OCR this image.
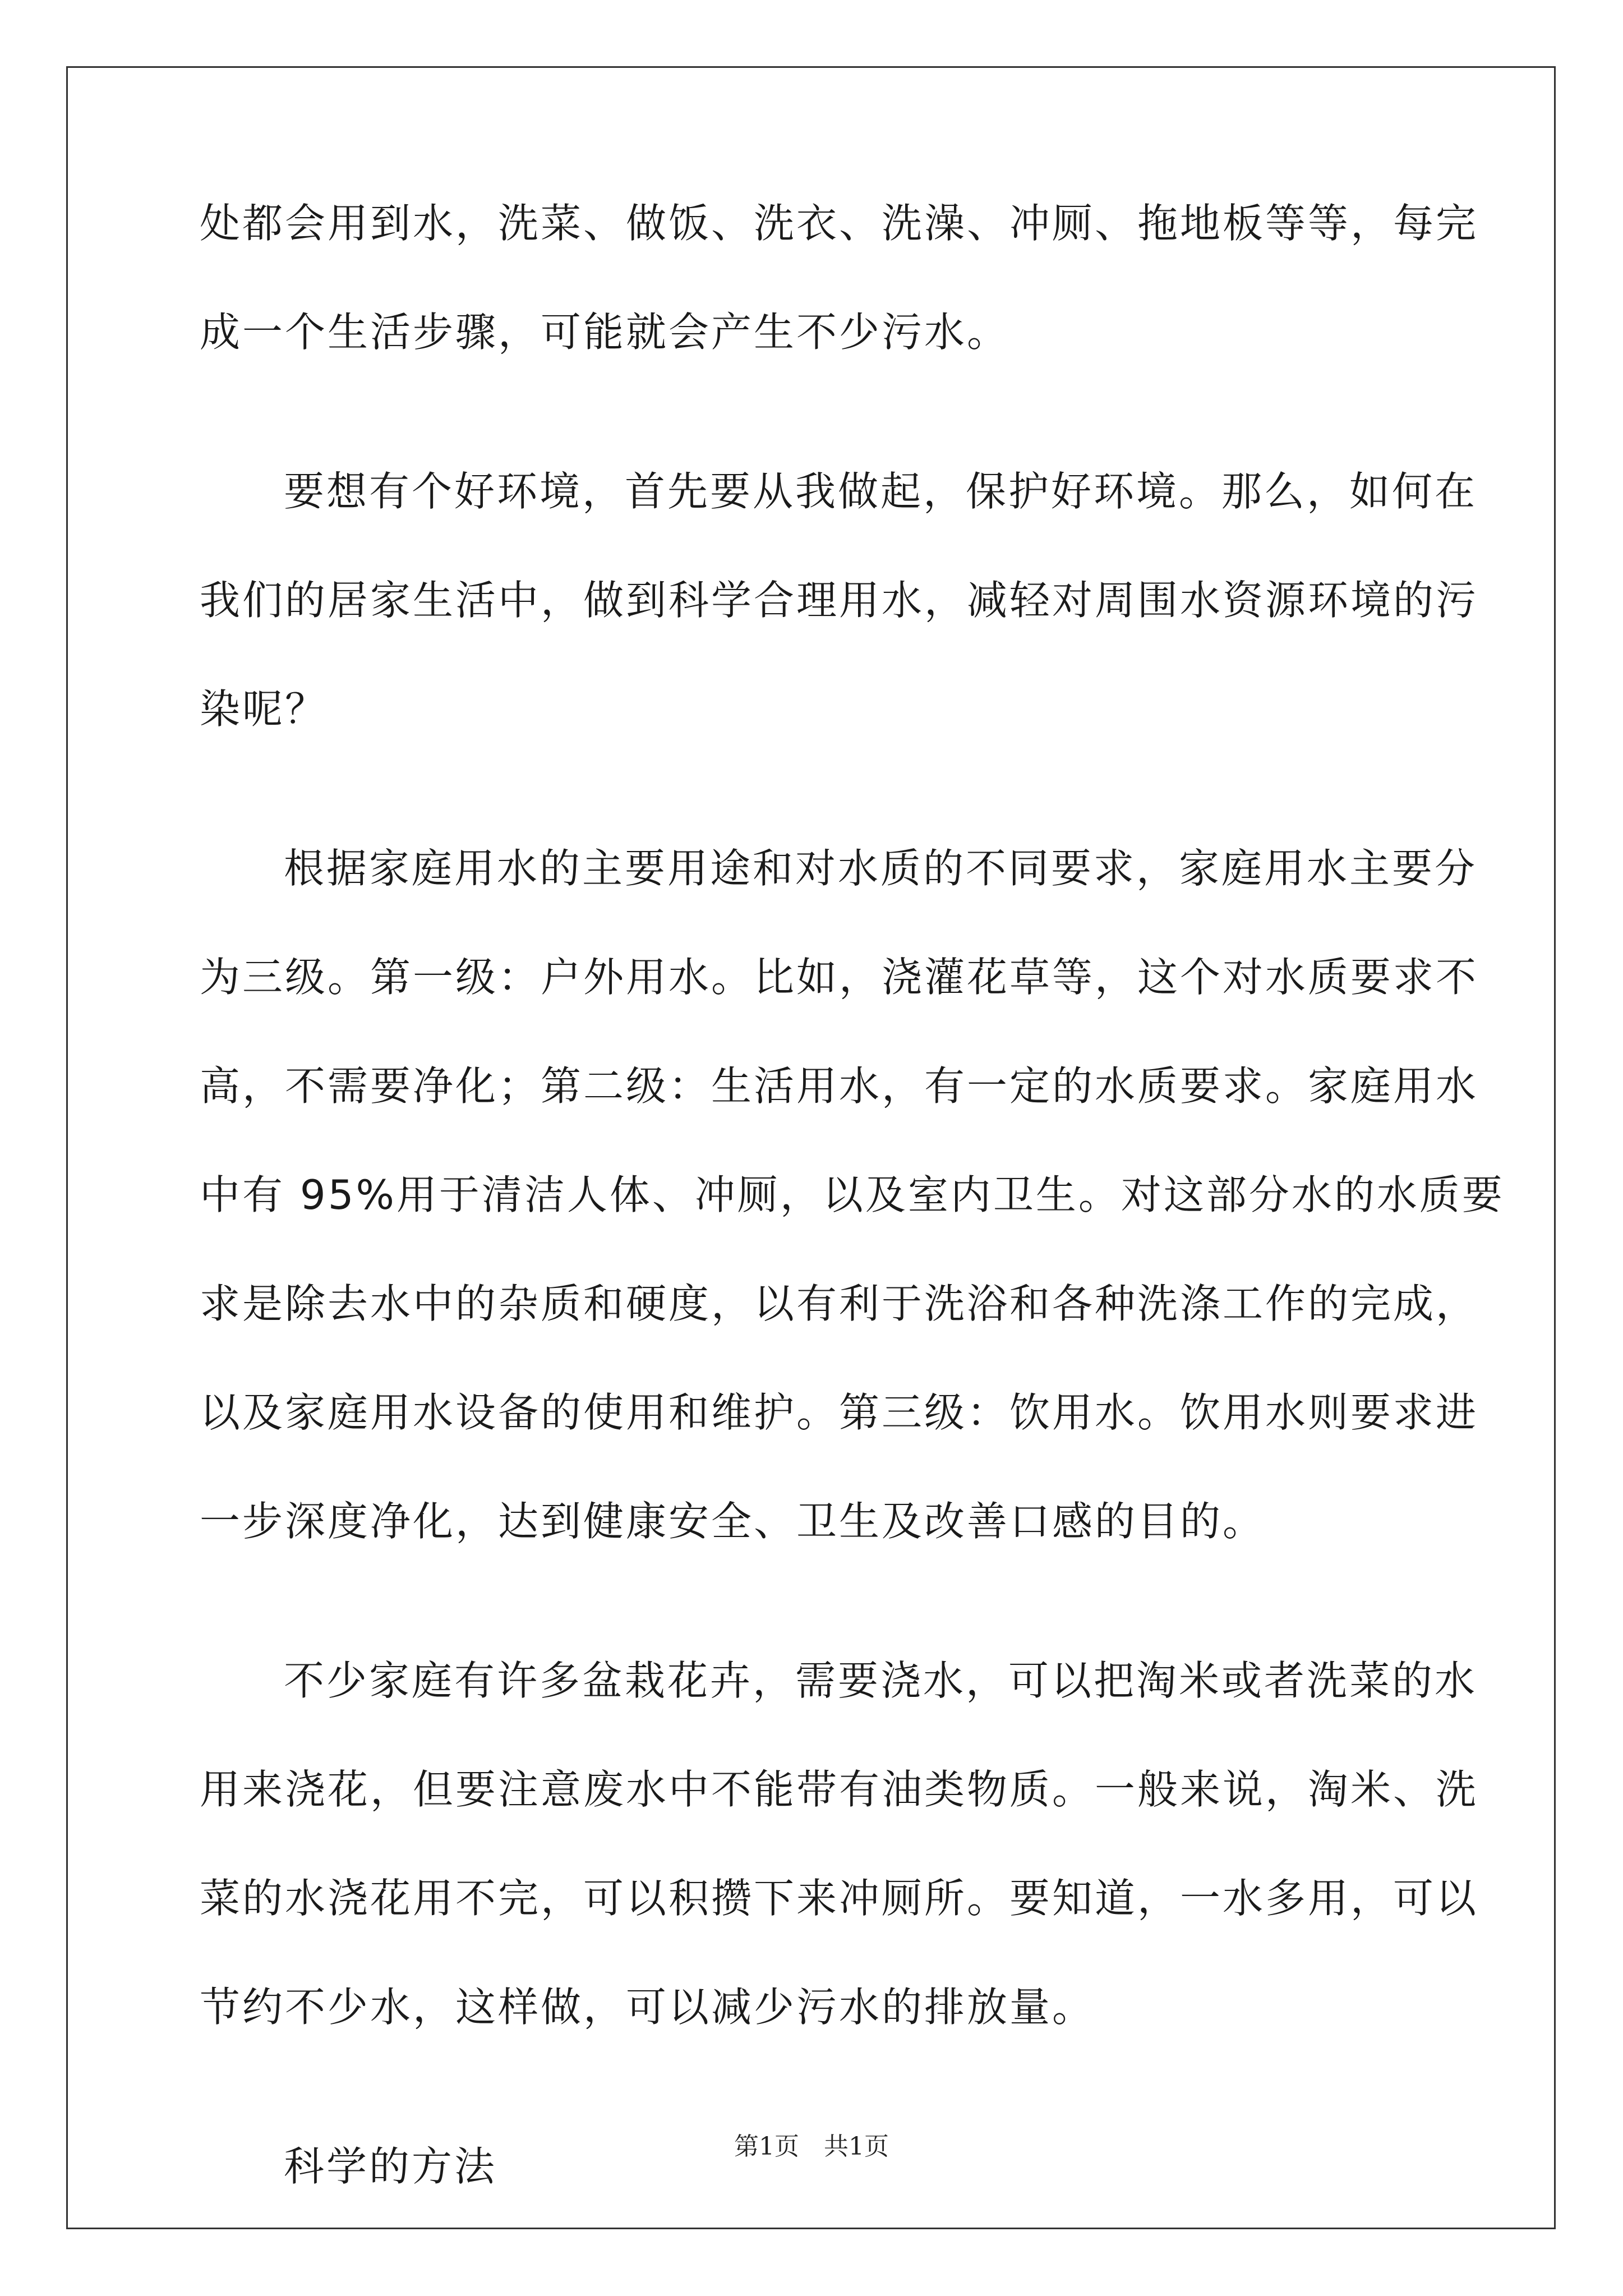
处都会用到水，洗菜、做饭、洗衣、洗澡、冲厕、拖地板等等，每完
成一个生活步骤，可能就会产生不少污水。
要想有个好环境，首先要从我做起，保护好环境。那么，如何在
我们的居家生活中，做到科学合理用水，减轻对周围水资源环境的污
染呢？
根据家庭用水的主要用途和对水质的不同要求，家庭用水主要分
为三级。第一级：户外用水。比如，浇灌花草等，这个对水质要求不
高，不需要净化；第二级：生活用水，有一定的水质要求。家庭用水
中有 95%用于清洁人体、冲厕，以及室内卫生。对这部分水的水质要
求是除去水中的杂质和硬度，以有利于洗浴和各种洗涤工作的完成，
以及家庭用水设备的使用和维护。第三级：饮用水。饮用水则要求进
一步深度净化，达到健康安全、卫生及改善口感的目的。
不少家庭有许多盆栽花卉，需要浇水，可以把淘米或者洗菜的水
用来浇花，但要注意废水中不能带有油类物质。一般来说，淘米、洗
菜的水浇花用不完，可以积攒下来冲厕所。要知道，一水多用，可以
节约不少水，这样做，可以减少污水的排放量。
科学的方法	第1页　共1页
